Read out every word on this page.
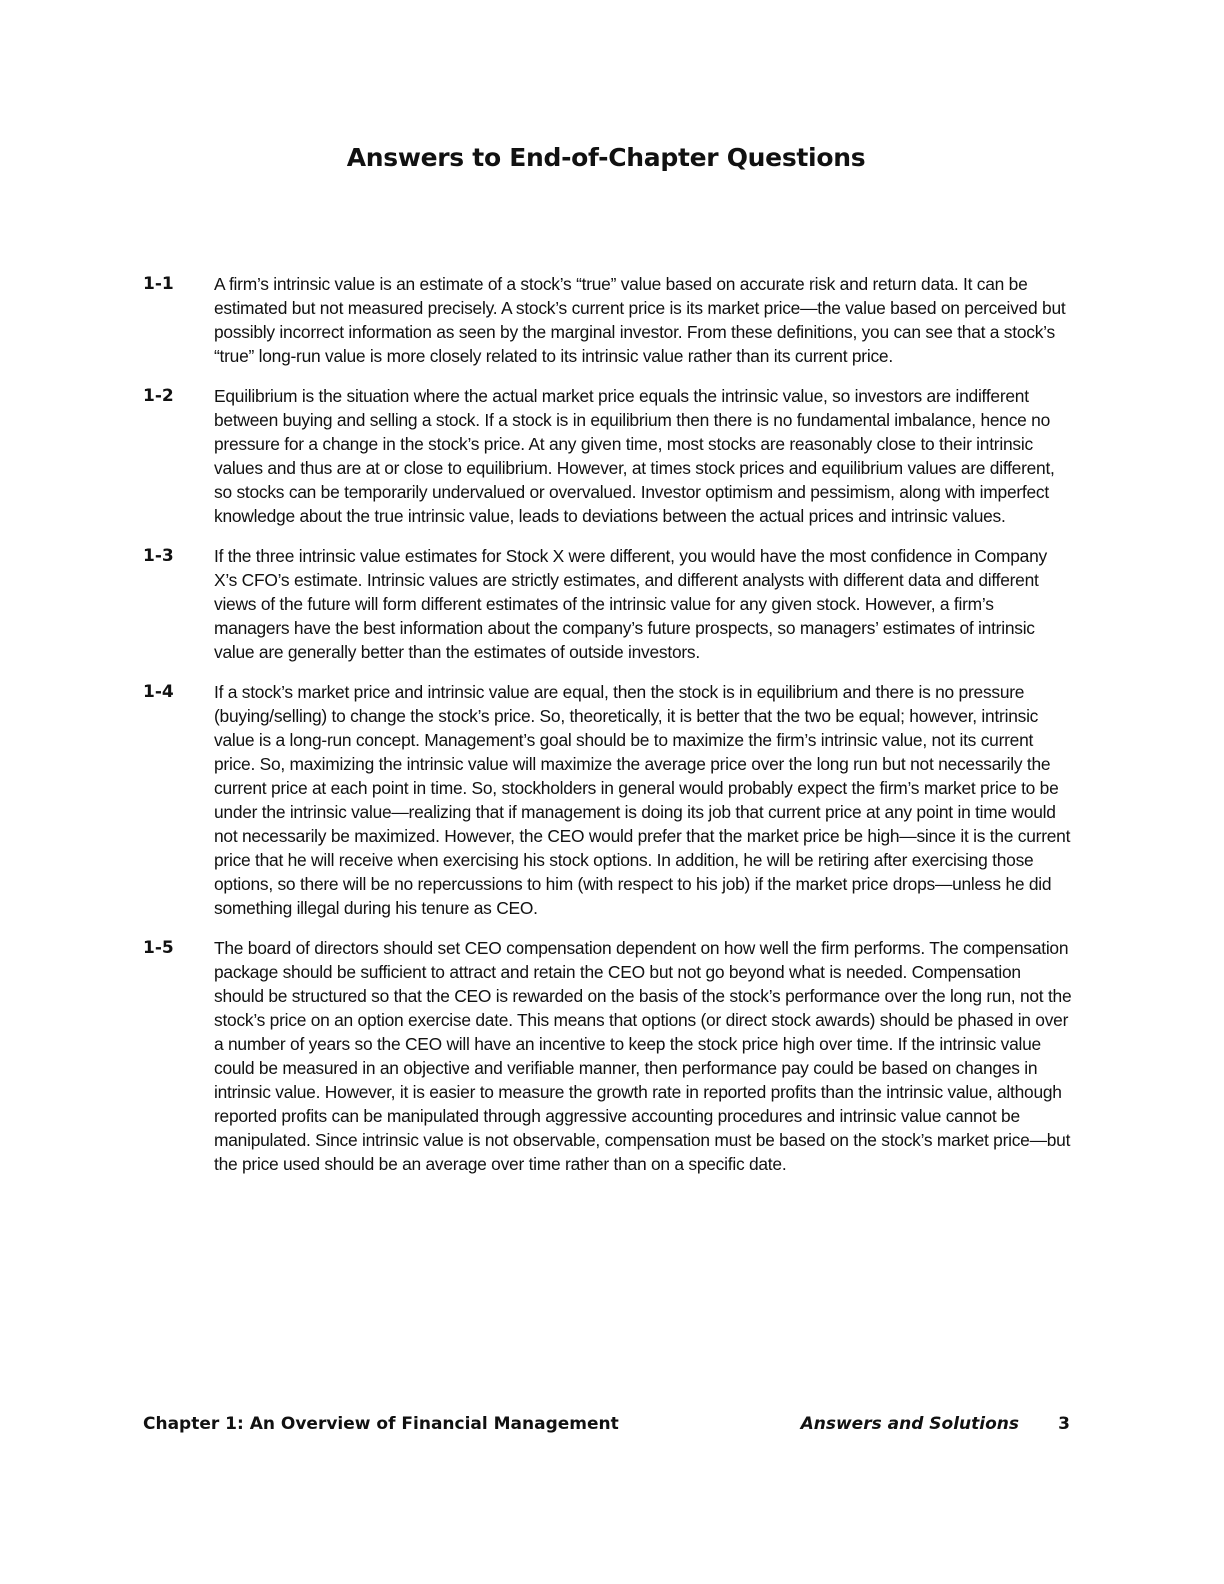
Answers to End-of-Chapter Questions
1-1	A firm’s intrinsic value is an estimate of a stock’s “true” value based on accurate risk and return data. It can be estimated but not measured precisely. A stock’s current price is its market price—the value based on perceived but possibly incorrect information as seen by the marginal investor. From these definitions, you can see that a stock’s “true” long-run value is more closely related to its intrinsic value rather than its current price.
1-2	Equilibrium is the situation where the actual market price equals the intrinsic value, so investors are indifferent between buying and selling a stock. If a stock is in equilibrium then there is no fundamental imbalance, hence no pressure for a change in the stock’s price. At any given time, most stocks are reasonably close to their intrinsic values and thus are at or close to equilibrium. However, at times stock prices and equilibrium values are different, so stocks can be temporarily undervalued or overvalued. Investor optimism and pessimism, along with imperfect knowledge about the true intrinsic value, leads to deviations between the actual prices and intrinsic values.
1-3	If the three intrinsic value estimates for Stock X were different, you would have the most confidence in Company X’s CFO’s estimate. Intrinsic values are strictly estimates, and different analysts with different data and different views of the future will form different estimates of the intrinsic value for any given stock. However, a firm’s managers have the best information about the company’s future prospects, so managers’ estimates of intrinsic value are generally better than the estimates of outside investors.
1-4	If a stock’s market price and intrinsic value are equal, then the stock is in equilibrium and there is no pressure (buying/selling) to change the stock’s price. So, theoretically, it is better that the two be equal; however, intrinsic value is a long-run concept. Management’s goal should be to maximize the firm’s intrinsic value, not its current price. So, maximizing the intrinsic value will maximize the average price over the long run but not necessarily the current price at each point in time. So, stockholders in general would probably expect the firm’s market price to be under the intrinsic value—realizing that if management is doing its job that current price at any point in time would not necessarily be maximized. However, the CEO would prefer that the market price be high—since it is the current price that he will receive when exercising his stock options. In addition, he will be retiring after exercising those options, so there will be no repercussions to him (with respect to his job) if the market price drops—unless he did something illegal during his tenure as CEO.
1-5	The board of directors should set CEO compensation dependent on how well the firm performs. The compensation package should be sufficient to attract and retain the CEO but not go beyond what is needed. Compensation should be structured so that the CEO is rewarded on the basis of the stock’s performance over the long run, not the stock’s price on an option exercise date. This means that options (or direct stock awards) should be phased in over a number of years so the CEO will have an incentive to keep the stock price high over time. If the intrinsic value could be measured in an objective and verifiable manner, then performance pay could be based on changes in intrinsic value. However, it is easier to measure the growth rate in reported profits than the intrinsic value, although reported profits can be manipulated through aggressive accounting procedures and intrinsic value cannot be manipulated. Since intrinsic value is not observable, compensation must be based on the stock’s market price—but the price used should be an average over time rather than on a specific date.
Chapter 1: An Overview of Financial Management	Answers and Solutions 3
